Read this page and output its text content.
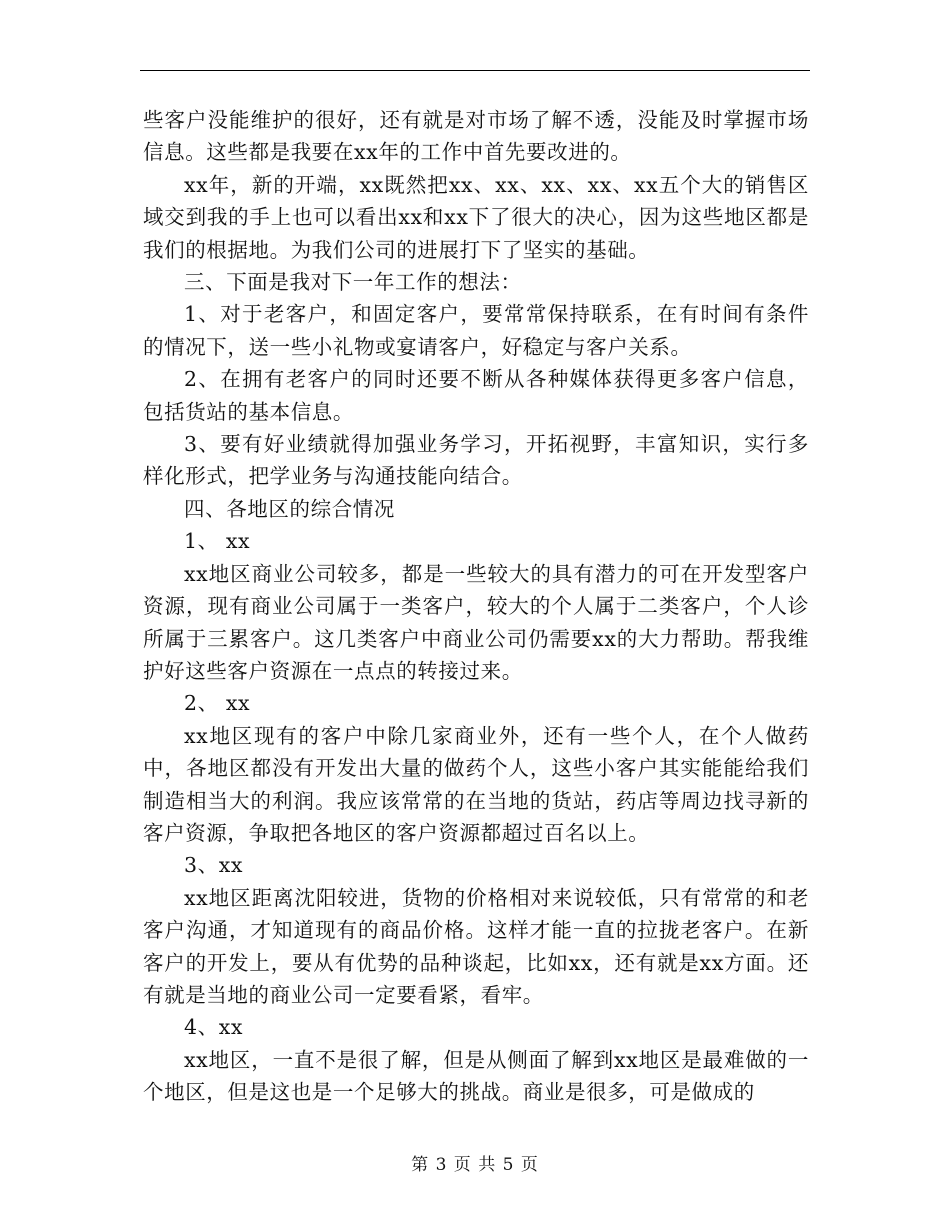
些客户没能维护的很好，还有就是对市场了解不透，没能及时掌握市场信息。这些都是我要在xx年的工作中首先要改进的。

xx年，新的开端，xx既然把xx、xx、xx、xx、xx五个大的销售区域交到我的手上也可以看出xx和xx下了很大的决心，因为这些地区都是我们的根据地。为我们公司的进展打下了坚实的基础。

三、下面是我对下一年工作的想法：

1、对于老客户，和固定客户，要常常保持联系，在有时间有条件的情况下，送一些小礼物或宴请客户，好稳定与客户关系。

2、在拥有老客户的同时还要不断从各种媒体获得更多客户信息，包括货站的基本信息。

3、要有好业绩就得加强业务学习，开拓视野，丰富知识，实行多样化形式，把学业务与沟通技能向结合。

四、各地区的综合情况

1、 xx

xx地区商业公司较多，都是一些较大的具有潜力的可在开发型客户资源，现有商业公司属于一类客户，较大的个人属于二类客户，个人诊所属于三累客户。这几类客户中商业公司仍需要xx的大力帮助。帮我维护好这些客户资源在一点点的转接过来。

2、 xx

xx地区现有的客户中除几家商业外，还有一些个人，在个人做药中，各地区都没有开发出大量的做药个人，这些小客户其实能能给我们制造相当大的利润。我应该常常的在当地的货站，药店等周边找寻新的客户资源，争取把各地区的客户资源都超过百名以上。

3、xx

xx地区距离沈阳较进，货物的价格相对来说较低，只有常常的和老客户沟通，才知道现有的商品价格。这样才能一直的拉拢老客户。在新客户的开发上，要从有优势的品种谈起，比如xx，还有就是xx方面。还有就是当地的商业公司一定要看紧，看牢。

4、xx

xx地区，一直不是很了解，但是从侧面了解到xx地区是最难做的一个地区，但是这也是一个足够大的挑战。商业是很多，可是做成的

第 3 页 共 5 页
